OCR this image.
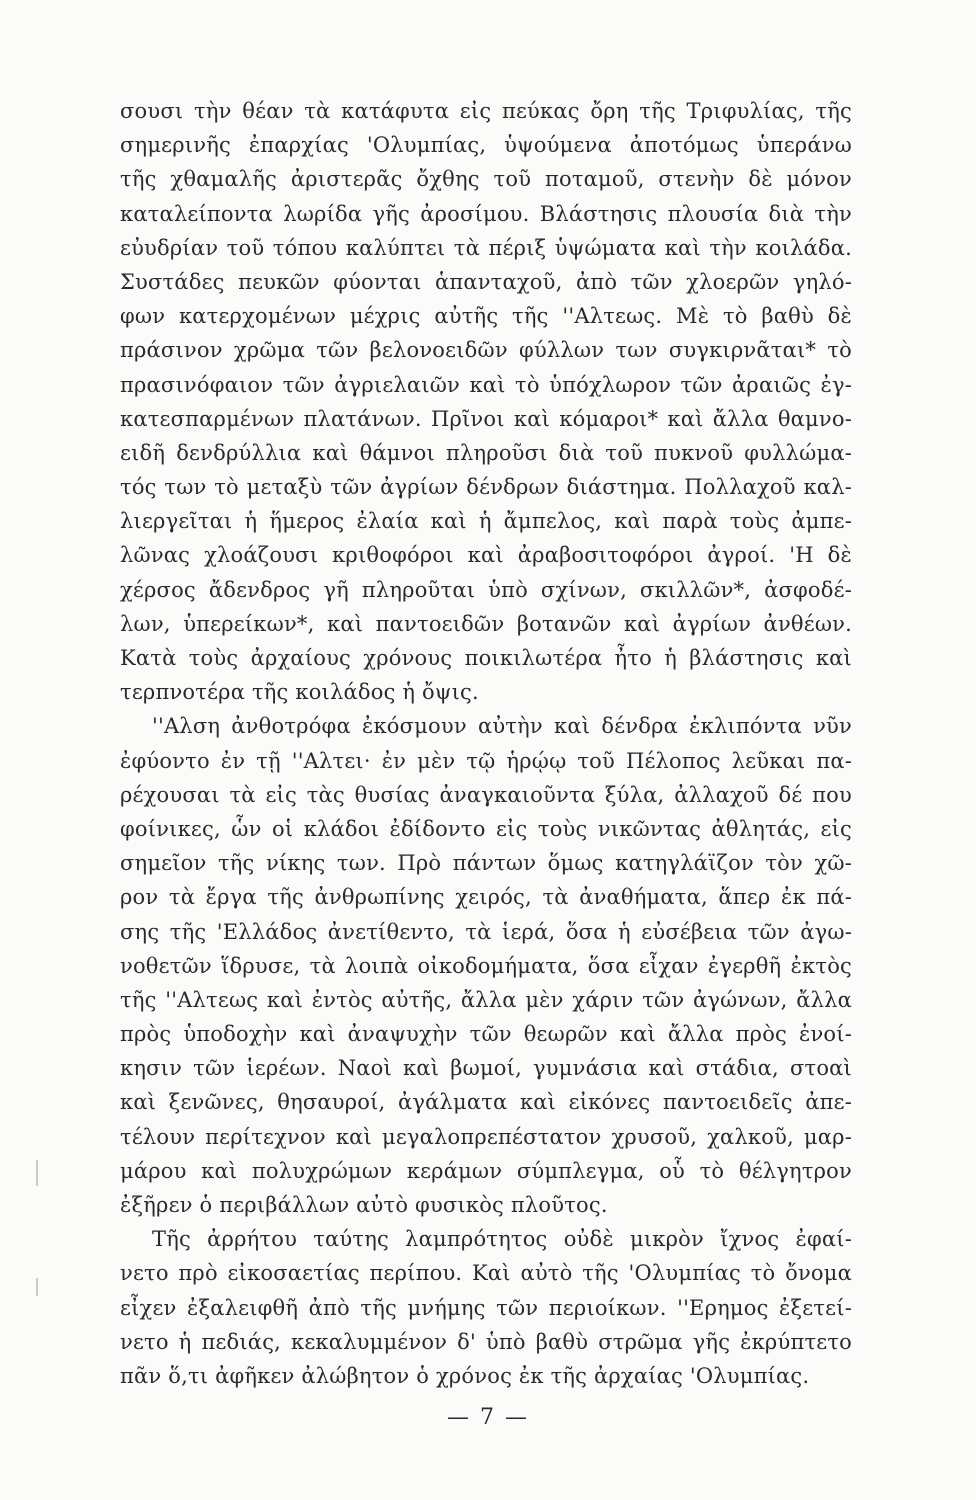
σουσι τὴν θέαν τὰ κατάφυτα εἰς πεύκας ὄρη τῆς Τριφυλίας, τῆς
σημερινῆς ἐπαρχίας 'Ολυμπίας, ὑψούμενα ἀποτόμως ὑπεράνω
τῆς χθαμαλῆς ἀριστερᾶς ὄχθης τοῦ ποταμοῦ, στενὴν δὲ μόνον
καταλείποντα λωρίδα γῆς ἀροσίμου. Βλάστησις πλουσία διὰ τὴν
εὐυδρίαν τοῦ τόπου καλύπτει τὰ πέριξ ὑψώματα καὶ τὴν κοιλάδα.
Συστάδες πευκῶν φύονται ἁπανταχοῦ, ἀπὸ τῶν χλοερῶν γηλό-
φων κατερχομένων μέχρις αὐτῆς τῆς ''Αλτεως. Μὲ τὸ βαθὺ δὲ
πράσινον χρῶμα τῶν βελονοειδῶν φύλλων των συγκιρνᾶται* τὸ
πρασινόφαιον τῶν ἀγριελαιῶν καὶ τὸ ὑπόχλωρον τῶν ἀραιῶς ἐγ-
κατεσπαρμένων πλατάνων. Πρῖνοι καὶ κόμαροι* καὶ ἄλλα θαμνο-
ειδῆ δενδρύλλια καὶ θάμνοι πληροῦσι διὰ τοῦ πυκνοῦ φυλλώμα-
τός των τὸ μεταξὺ τῶν ἀγρίων δένδρων διάστημα. Πολλαχοῦ καλ-
λιεργεῖται ἡ ἥμερος ἐλαία καὶ ἡ ἄμπελος, καὶ παρὰ τοὺς ἀμπε-
λῶνας χλοάζουσι κριθοφόροι καὶ ἀραβοσιτοφόροι ἀγροί. 'Η δὲ
χέρσος ἄδενδρος γῆ πληροῦται ὑπὸ σχίνων, σκιλλῶν*, ἀσφοδέ-
λων, ὑπερείκων*, καὶ παντοειδῶν βοτανῶν καὶ ἀγρίων ἀνθέων.
Κατὰ τοὺς ἀρχαίους χρόνους ποικιλωτέρα ἦτο ἡ βλάστησις καὶ
τερπνοτέρα τῆς κοιλάδος ἡ ὄψις.
''Αλση ἀνθοτρόφα ἐκόσμουν αὐτὴν καὶ δένδρα ἐκλιπόντα νῦν
ἐφύοντο ἐν τῇ ''Αλτει· ἐν μὲν τῷ ἡρῴῳ τοῦ Πέλοπος λεῦκαι πα-
ρέχουσαι τὰ εἰς τὰς θυσίας ἀναγκαιοῦντα ξύλα, ἀλλαχοῦ δέ που
φοίνικες, ὧν οἱ κλάδοι ἐδίδοντο εἰς τοὺς νικῶντας ἀθλητάς, εἰς
σημεῖον τῆς νίκης των. Πρὸ πάντων ὅμως κατηγλάϊζον τὸν χῶ-
ρον τὰ ἔργα τῆς ἀνθρωπίνης χειρός, τὰ ἀναθήματα, ἅπερ ἐκ πά-
σης τῆς 'Ελλάδος ἀνετίθεντο, τὰ ἱερά, ὅσα ἡ εὐσέβεια τῶν ἀγω-
νοθετῶν ἵδρυσε, τὰ λοιπὰ οἰκοδομήματα, ὅσα εἶχαν ἐγερθῆ ἐκτὸς
τῆς ''Αλτεως καὶ ἐντὸς αὐτῆς, ἄλλα μὲν χάριν τῶν ἀγώνων, ἄλλα
πρὸς ὑποδοχὴν καὶ ἀναψυχὴν τῶν θεωρῶν καὶ ἄλλα πρὸς ἐνοί-
κησιν τῶν ἱερέων. Ναοὶ καὶ βωμοί, γυμνάσια καὶ στάδια, στοαὶ
καὶ ξενῶνες, θησαυροί, ἀγάλματα καὶ εἰκόνες παντοειδεῖς ἀπε-
τέλουν περίτεχνον καὶ μεγαλοπρεπέστατον χρυσοῦ, χαλκοῦ, μαρ-
μάρου καὶ πολυχρώμων κεράμων σύμπλεγμα, οὗ τὸ θέλγητρον
ἐξῆρεν ὁ περιβάλλων αὐτὸ φυσικὸς πλοῦτος.
Τῆς ἀρρήτου ταύτης λαμπρότητος οὐδὲ μικρὸν ἴχνος ἐφαί-
νετο πρὸ εἰκοσαετίας περίπου. Καὶ αὐτὸ τῆς 'Ολυμπίας τὸ ὄνομα
εἶχεν ἐξαλειφθῆ ἀπὸ τῆς μνήμης τῶν περιοίκων. ''Ερημος ἐξετεί-
νετο ἡ πεδιάς, κεκαλυμμένον δ' ὑπὸ βαθὺ στρῶμα γῆς ἐκρύπτετο
πᾶν ὅ,τι ἀφῆκεν ἀλώβητον ὁ χρόνος ἐκ τῆς ἀρχαίας 'Ολυμπίας.
— 7 —
